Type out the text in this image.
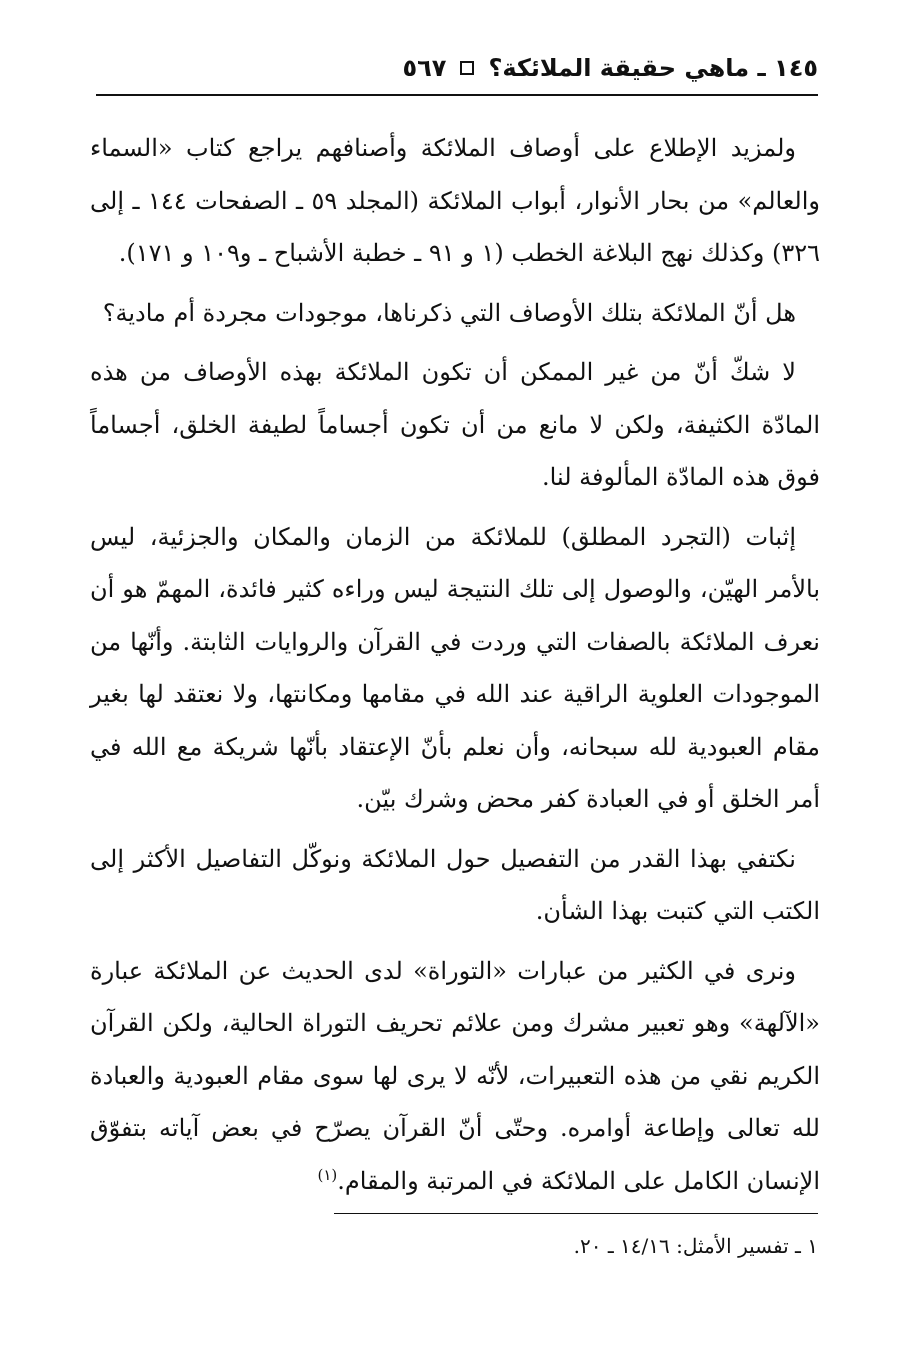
١٤٥ ـ ماهي حقيقة الملائكة؟
٥٦٧

ولمزيد الإطلاع على أوصاف الملائكة وأصنافهم يراجع كتاب «السماء والعالم» من بحار الأنوار، أبواب الملائكة (المجلد ٥٩ ـ الصفحات ١٤٤ ـ إلى ٣٢٦) وكذلك نهج البلاغة الخطب (١ و ٩١ ـ خطبة الأشباح ـ و١٠٩ و ١٧١).

هل أنّ الملائكة بتلك الأوصاف التي ذكرناها، موجودات مجردة أم مادية؟

لا شكّ أنّ من غير الممكن أن تكون الملائكة بهذه الأوصاف من هذه المادّة الكثيفة، ولكن لا مانع من أن تكون أجساماً لطيفة الخلق، أجساماً فوق هذه المادّة المألوفة لنا.

إثبات (التجرد المطلق) للملائكة من الزمان والمكان والجزئية، ليس بالأمر الهيّن، والوصول إلى تلك النتيجة ليس وراءه كثير فائدة، المهمّ هو أن نعرف الملائكة بالصفات التي وردت في القرآن والروايات الثابتة. وأنّها من الموجودات العلوية الراقية عند الله في مقامها ومكانتها، ولا نعتقد لها بغير مقام العبودية لله سبحانه، وأن نعلم بأنّ الإعتقاد بأنّها شريكة مع الله في أمر الخلق أو في العبادة كفر محض وشرك بيّن.

نكتفي بهذا القدر من التفصيل حول الملائكة ونوكّل التفاصيل الأكثر إلى الكتب التي كتبت بهذا الشأن.

ونرى في الكثير من عبارات «التوراة» لدى الحديث عن الملائكة عبارة «الآلهة» وهو تعبير مشرك ومن علائم تحريف التوراة الحالية، ولكن القرآن الكريم نقي من هذه التعبيرات، لأنّه لا يرى لها سوى مقام العبودية والعبادة لله تعالى وإطاعة أوامره. وحتّى أنّ القرآن يصرّح في بعض آياته بتفوّق الإنسان الكامل على الملائكة في المرتبة والمقام.$^{(١)}$

١ ـ تفسير الأمثل: ١٤/١٦ ـ ٢٠.
